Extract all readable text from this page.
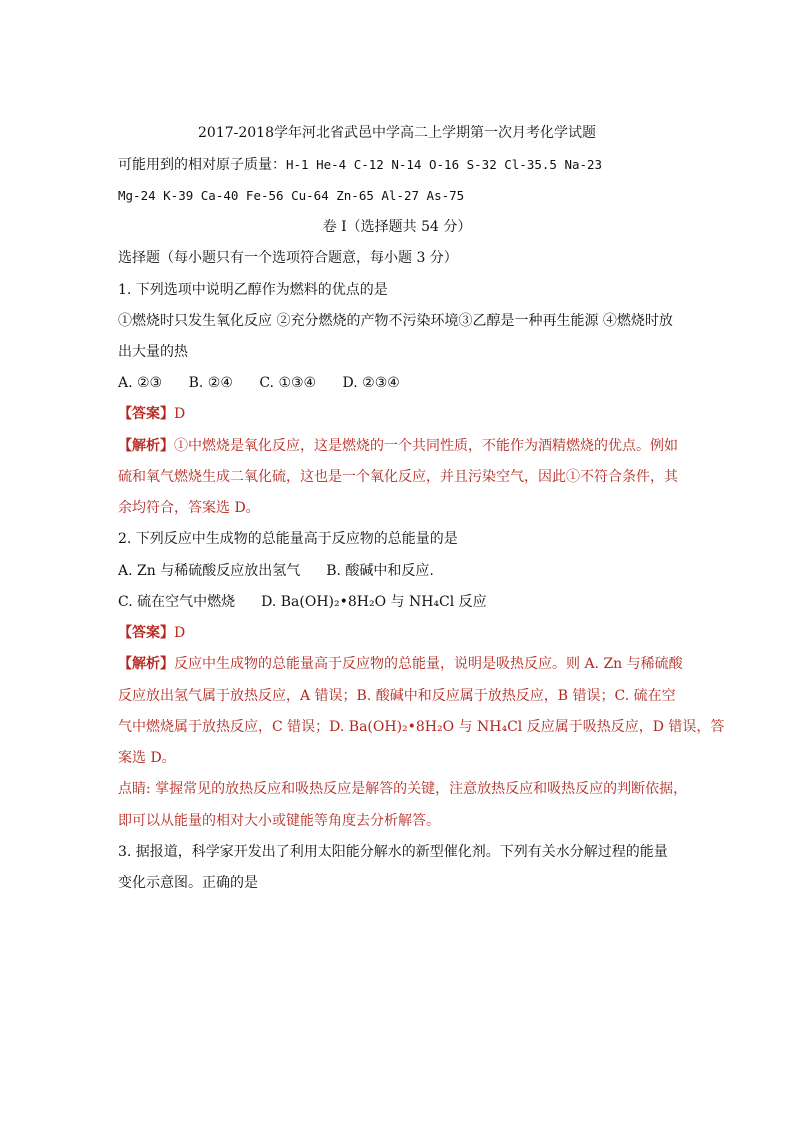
2017-2018学年河北省武邑中学高二上学期第一次月考化学试题
可能用到的相对原子质量：H-1 He-4 C-12 N-14 O-16 S-32 Cl-35.5 Na-23
Mg-24 K-39 Ca-40 Fe-56 Cu-64 Zn-65 Al-27 As-75
卷 I（选择题共 54 分）
选择题（每小题只有一个选项符合题意，每小题 3 分）
1. 下列选项中说明乙醇作为燃料的优点的是
①燃烧时只发生氧化反应 ②充分燃烧的产物不污染环境③乙醇是一种再生能源 ④燃烧时放
出大量的热
A. ②③ B. ②④ C. ①③④ D. ②③④
【答案】D
【解析】①中燃烧是氧化反应，这是燃烧的一个共同性质，不能作为酒精燃烧的优点。例如
硫和氧气燃烧生成二氧化硫，这也是一个氧化反应，并且污染空气，因此①不符合条件，其
余均符合，答案选 D。
2. 下列反应中生成物的总能量高于反应物的总能量的是
A. Zn 与稀硫酸反应放出氢气 B. 酸碱中和反应.
C. 硫在空气中燃烧 D. Ba(OH)₂•8H₂O 与 NH₄Cl 反应
【答案】D
【解析】反应中生成物的总能量高于反应物的总能量，说明是吸热反应。则 A. Zn 与稀硫酸
反应放出氢气属于放热反应，A 错误；B. 酸碱中和反应属于放热反应，B 错误；C. 硫在空
气中燃烧属于放热反应，C 错误；D. Ba(OH)₂•8H₂O 与 NH₄Cl 反应属于吸热反应，D 错误，答
案选 D。
点睛: 掌握常见的放热反应和吸热反应是解答的关键，注意放热反应和吸热反应的判断依据，
即可以从能量的相对大小或键能等角度去分析解答。
3. 据报道，科学家开发出了利用太阳能分解水的新型催化剂。下列有关水分解过程的能量
变化示意图。正确的是
